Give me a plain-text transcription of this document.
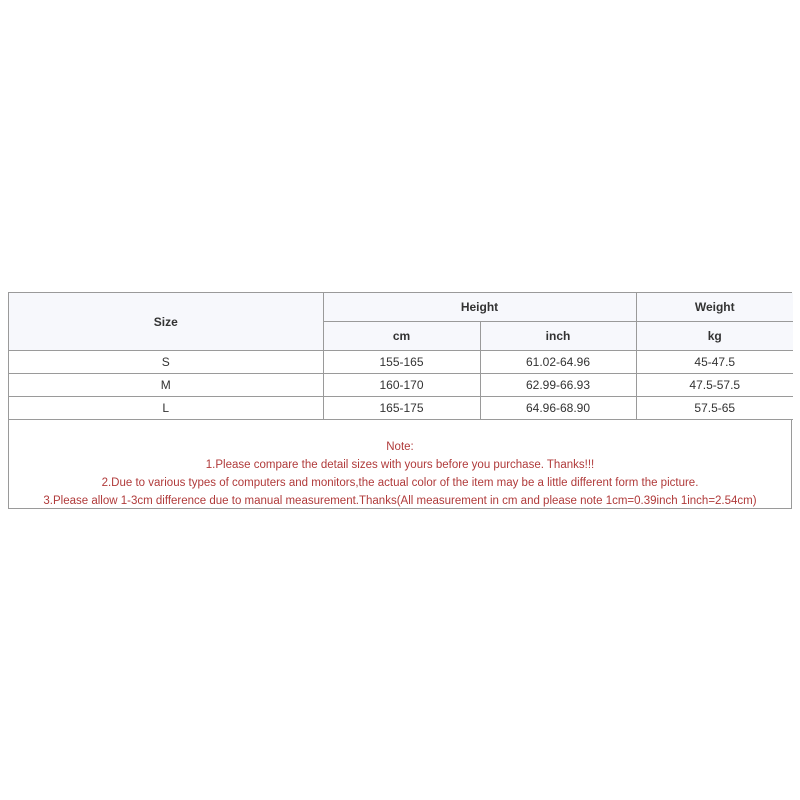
Size	Height		Weight
	cm	inch	kg
S	155-165	61.02-64.96	45-47.5
M	160-170	62.99-66.93	47.5-57.5
L	165-175	64.96-68.90	57.5-65
Note:
1.Please compare the detail sizes with yours before you purchase. Thanks!!!
2.Due to various types of computers and monitors,the actual color of the item may be a little different form the picture.
3.Please allow 1-3cm difference due to manual measurement.Thanks(All measurement in cm and please note 1cm=0.39inch 1inch=2.54cm)
